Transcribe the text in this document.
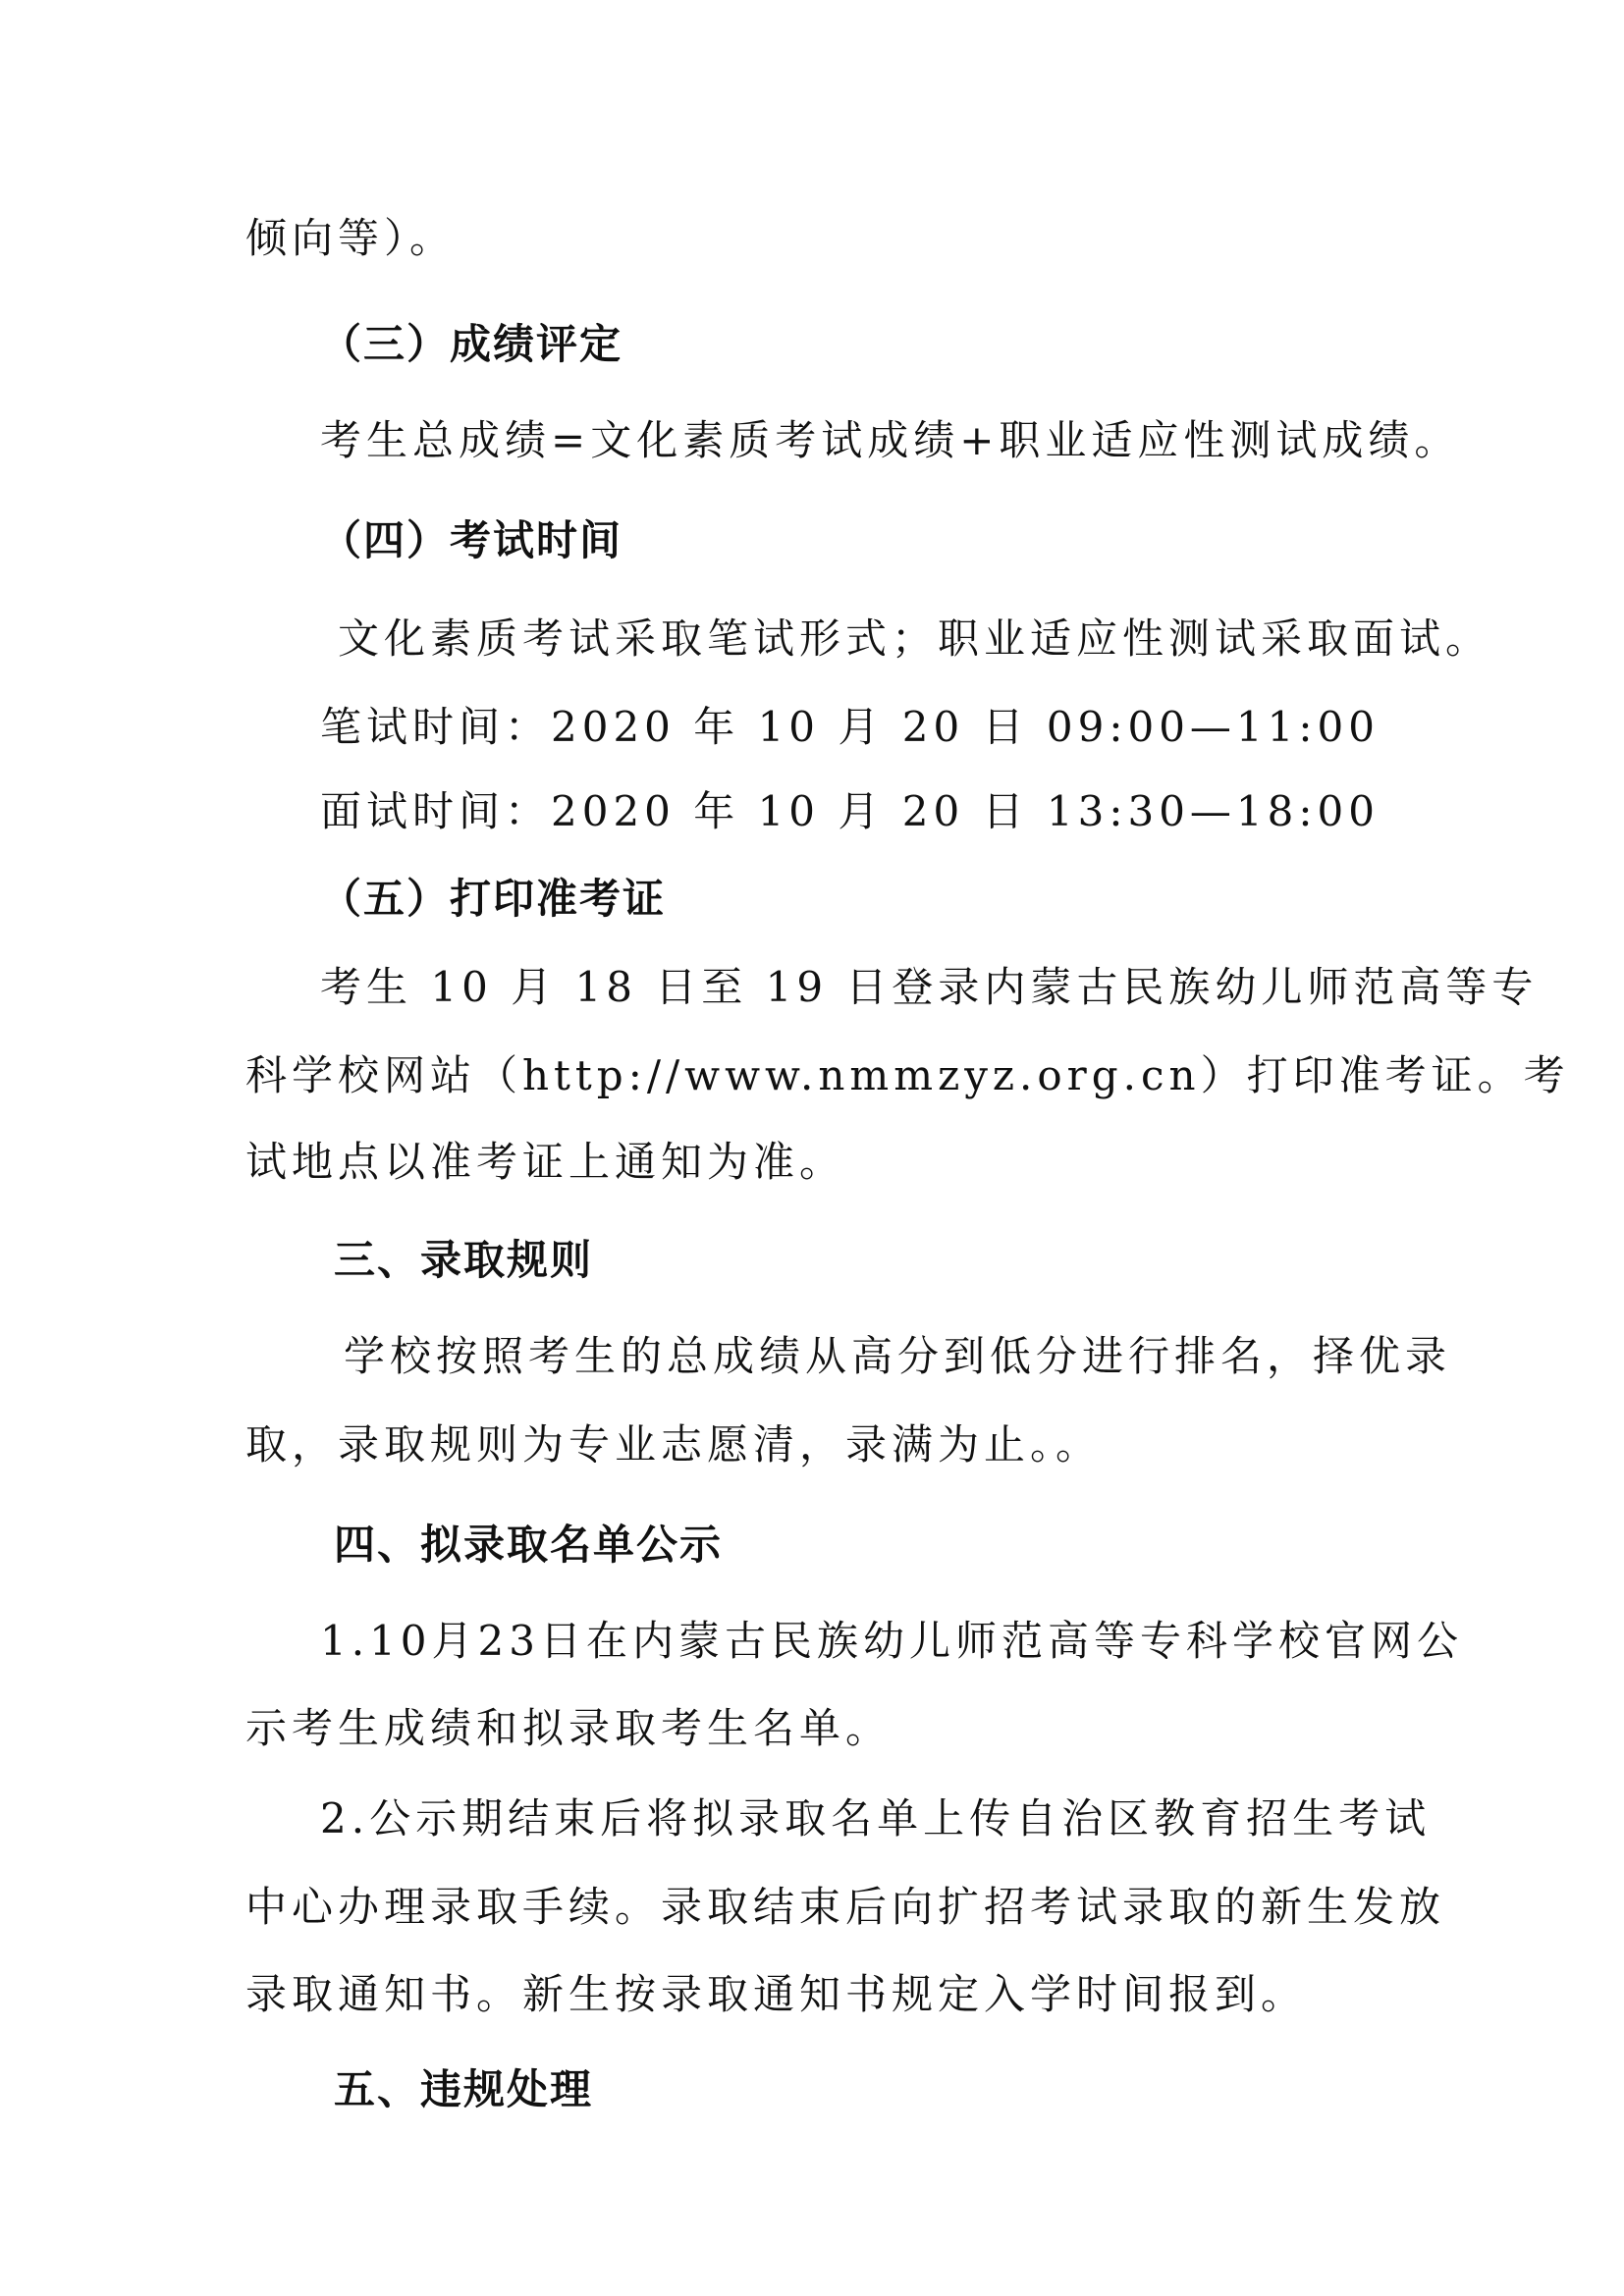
倾向等）。
（三）成绩评定
考生总成绩=文化素质考试成绩+职业适应性测试成绩。
（四）考试时间
文化素质考试采取笔试形式；职业适应性测试采取面试。
笔试时间：2020 年 10 月 20 日 09:00—11:00
面试时间：2020 年 10 月 20 日 13:30—18:00
（五）打印准考证
考生 10 月 18 日至 19 日登录内蒙古民族幼儿师范高等专
科学校网站（http://www.nmmzyz.org.cn）打印准考证。考
试地点以准考证上通知为准。
三、录取规则
学校按照考生的总成绩从高分到低分进行排名，择优录
取，录取规则为专业志愿清，录满为止。。
四、拟录取名单公示
1.10月23日在内蒙古民族幼儿师范高等专科学校官网公
示考生成绩和拟录取考生名单。
2.公示期结束后将拟录取名单上传自治区教育招生考试
中心办理录取手续。录取结束后向扩招考试录取的新生发放
录取通知书。新生按录取通知书规定入学时间报到。
五、违规处理
